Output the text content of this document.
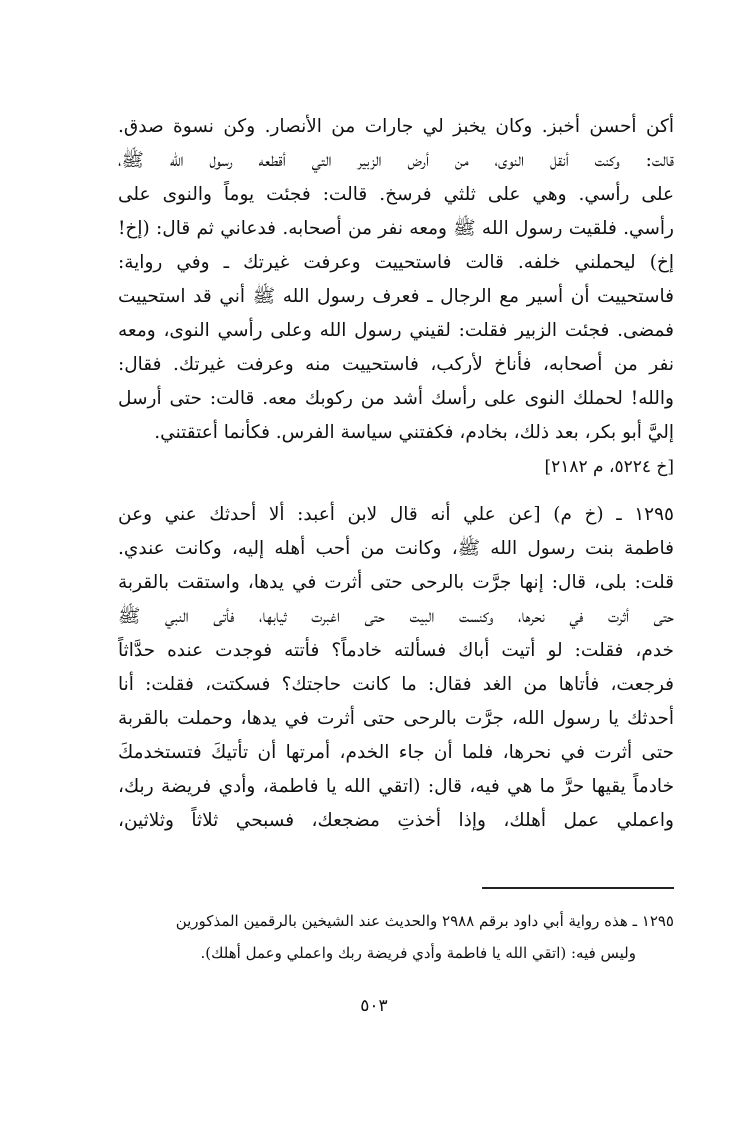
أكن أحسن أخبز. وكان يخبز لي جارات من الأنصار. وكن نسوة صدق.
قالت: وكنت أنقل النوى، من أرض الزبير التي أقطعه رسول الله ﷺ،
على رأسي. وهي على ثلثي فرسخ. قالت: فجئت يوماً والنوى على
رأسي. فلقيت رسول الله ﷺ ومعه نفر من أصحابه. فدعاني ثم قال: (إخ!
إخ) ليحملني خلفه. قالت فاستحييت وعرفت غيرتك ـ وفي رواية:
فاستحييت أن أسير مع الرجال ـ فعرف رسول الله ﷺ أني قد استحييت
فمضى. فجئت الزبير فقلت: لقيني رسول الله وعلى رأسي النوى، ومعه
نفر من أصحابه، فأناخ لأركب، فاستحييت منه وعرفت غيرتك. فقال:
والله! لحملك النوى على رأسك أشد من ركوبك معه. قالت: حتى أرسل
إليَّ أبو بكر، بعد ذلك، بخادم، فكفتني سياسة الفرس. فكأنما أعتقتني.
[خ ٥٢٢٤، م ٢١٨٢]
١٢٩٥ ـ (خ م) [عن علي أنه قال لابن أعبد: ألا أحدثك عني وعن
فاطمة بنت رسول الله ﷺ، وكانت من أحب أهله إليه، وكانت عندي.
قلت: بلى، قال: إنها جرَّت بالرحى حتى أثرت في يدها، واستقت بالقربة
حتى أثرت في نحرها، وكنست البيت حتى اغبرت ثيابها، فأتى النبي ﷺ
خدم، فقلت: لو أتيت أباك فسألته خادماً؟ فأتته فوجدت عنده حدَّاثاً
فرجعت، فأتاها من الغد فقال: ما كانت حاجتك؟ فسكتت، فقلت: أنا
أحدثك يا رسول الله، جرَّت بالرحى حتى أثرت في يدها، وحملت بالقربة
حتى أثرت في نحرها، فلما أن جاء الخدم، أمرتها أن تأتيكَ فتستخدمكَ
خادماً يقيها حرَّ ما هي فيه، قال: (اتقي الله يا فاطمة، وأدي فريضة ربك،
واعملي عمل أهلك، وإذا أخذتِ مضجعك، فسبحي ثلاثاً وثلاثين،
١٢٩٥ ـ هذه رواية أبي داود برقم ٢٩٨٨ والحديث عند الشيخين بالرقمين المذكورين
وليس فيه: (اتقي الله يا فاطمة وأدي فريضة ربك واعملي وعمل أهلك).
٥٠٣
